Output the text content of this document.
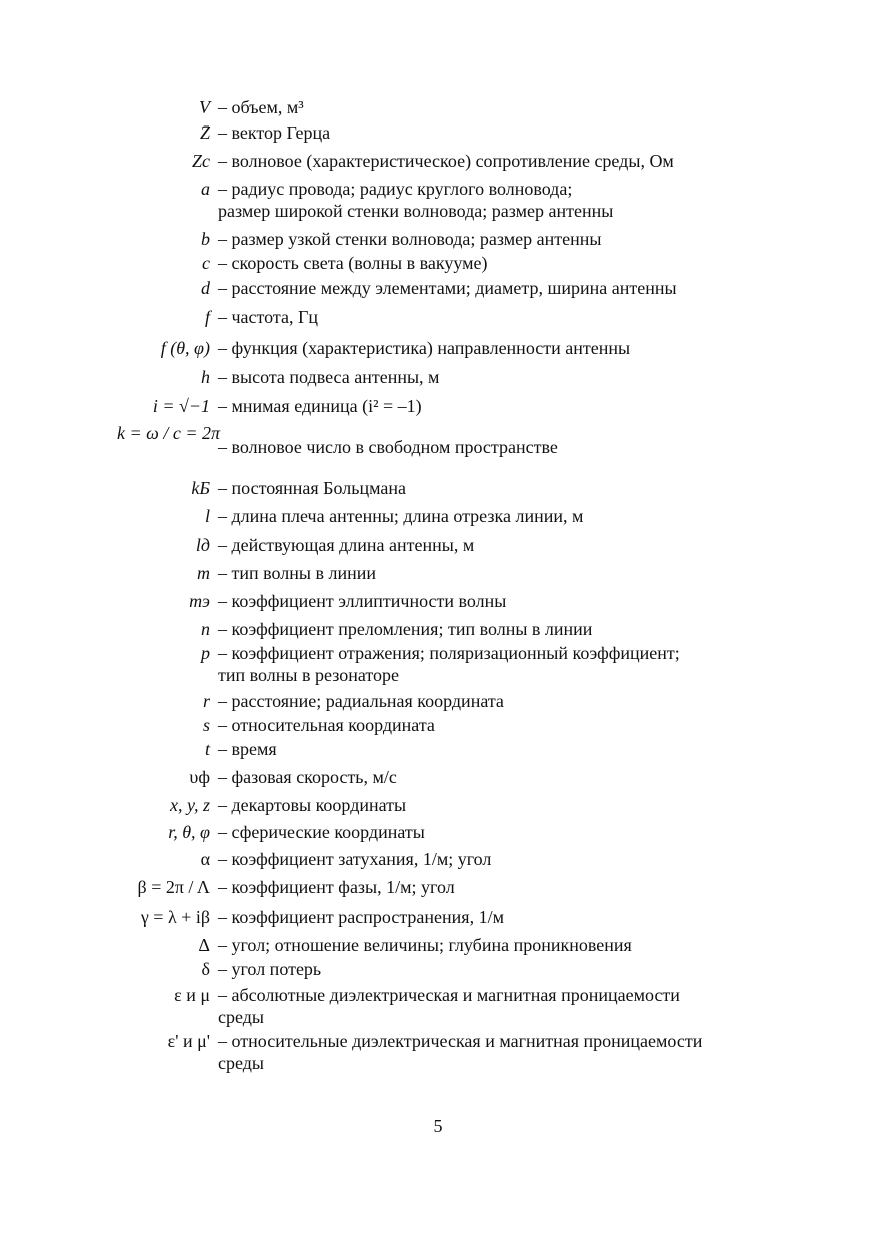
V – объем, м³
Z̄ – вектор Герца
Zс – волновое (характеристическое) сопротивление среды, Ом
a – радиус провода; радиус круглого волновода;
размер широкой стенки волновода; размер антенны
b – размер узкой стенки волновода; размер антенны
c – скорость света (волны в вакууме)
d – расстояние между элементами; диаметр, ширина антенны
f – частота, Гц
f (θ, φ) – функция (характеристика) направленности антенны
h – высота подвеса антенны, м
i = √−1 – мнимая единица (i² = –1)
k = ω / c = 2π
– волновое число в свободном пространстве
kБ – постоянная Больцмана
l – длина плеча антенны; длина отрезка линии, м
lд – действующая длина антенны, м
m – тип волны в линии
mэ – коэффициент эллиптичности волны
n – коэффициент преломления; тип волны в линии
p – коэффициент отражения; поляризационный коэффициент;
тип волны в резонаторе
r – расстояние; радиальная координата
s – относительная координата
t – время
υф – фазовая скорость, м/с
x, y, z – декартовы координаты
r, θ, φ – сферические координаты
α – коэффициент затухания, 1/м; угол
β = 2π / Λ – коэффициент фазы, 1/м; угол
γ = λ + iβ – коэффициент распространения, 1/м
Δ – угол; отношение величины; глубина проникновения
δ – угол потерь
ε и μ – абсолютные диэлектрическая и магнитная проницаемости
среды
ε' и μ' – относительные диэлектрическая и магнитная проницаемости
среды
5
